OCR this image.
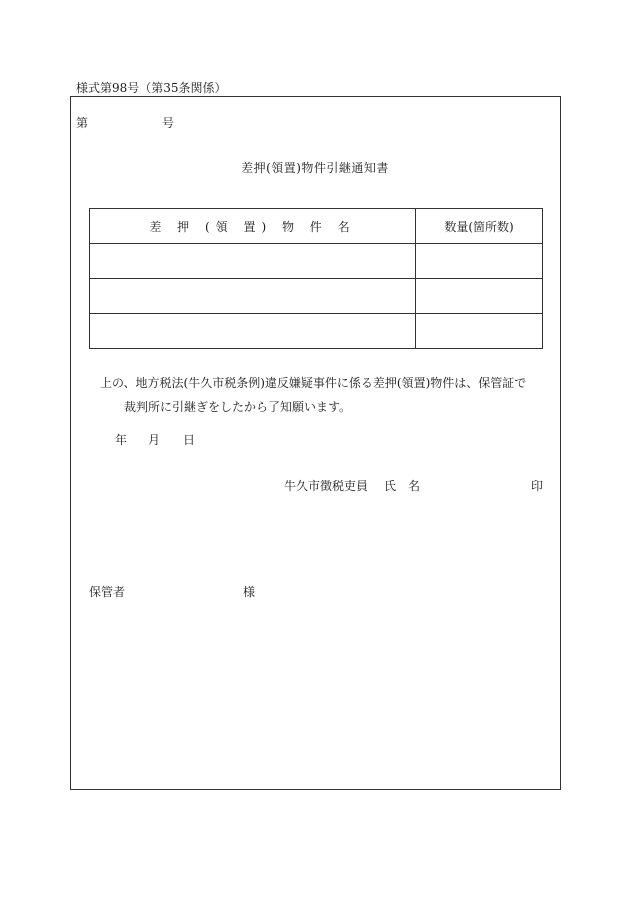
様式第98号（第35条関係）
第	号
差押(領置)物件引継通知書
差 押 (領 置) 物 件 名	数量(箇所数)

上の、地方税法(牛久市税条例)違反嫌疑事件に係る差押(領置)物件は、保管証で
裁判所に引継ぎをしたから了知願います。
年 月 日
牛久市徴税吏員 氏　名	印
保管者	様
